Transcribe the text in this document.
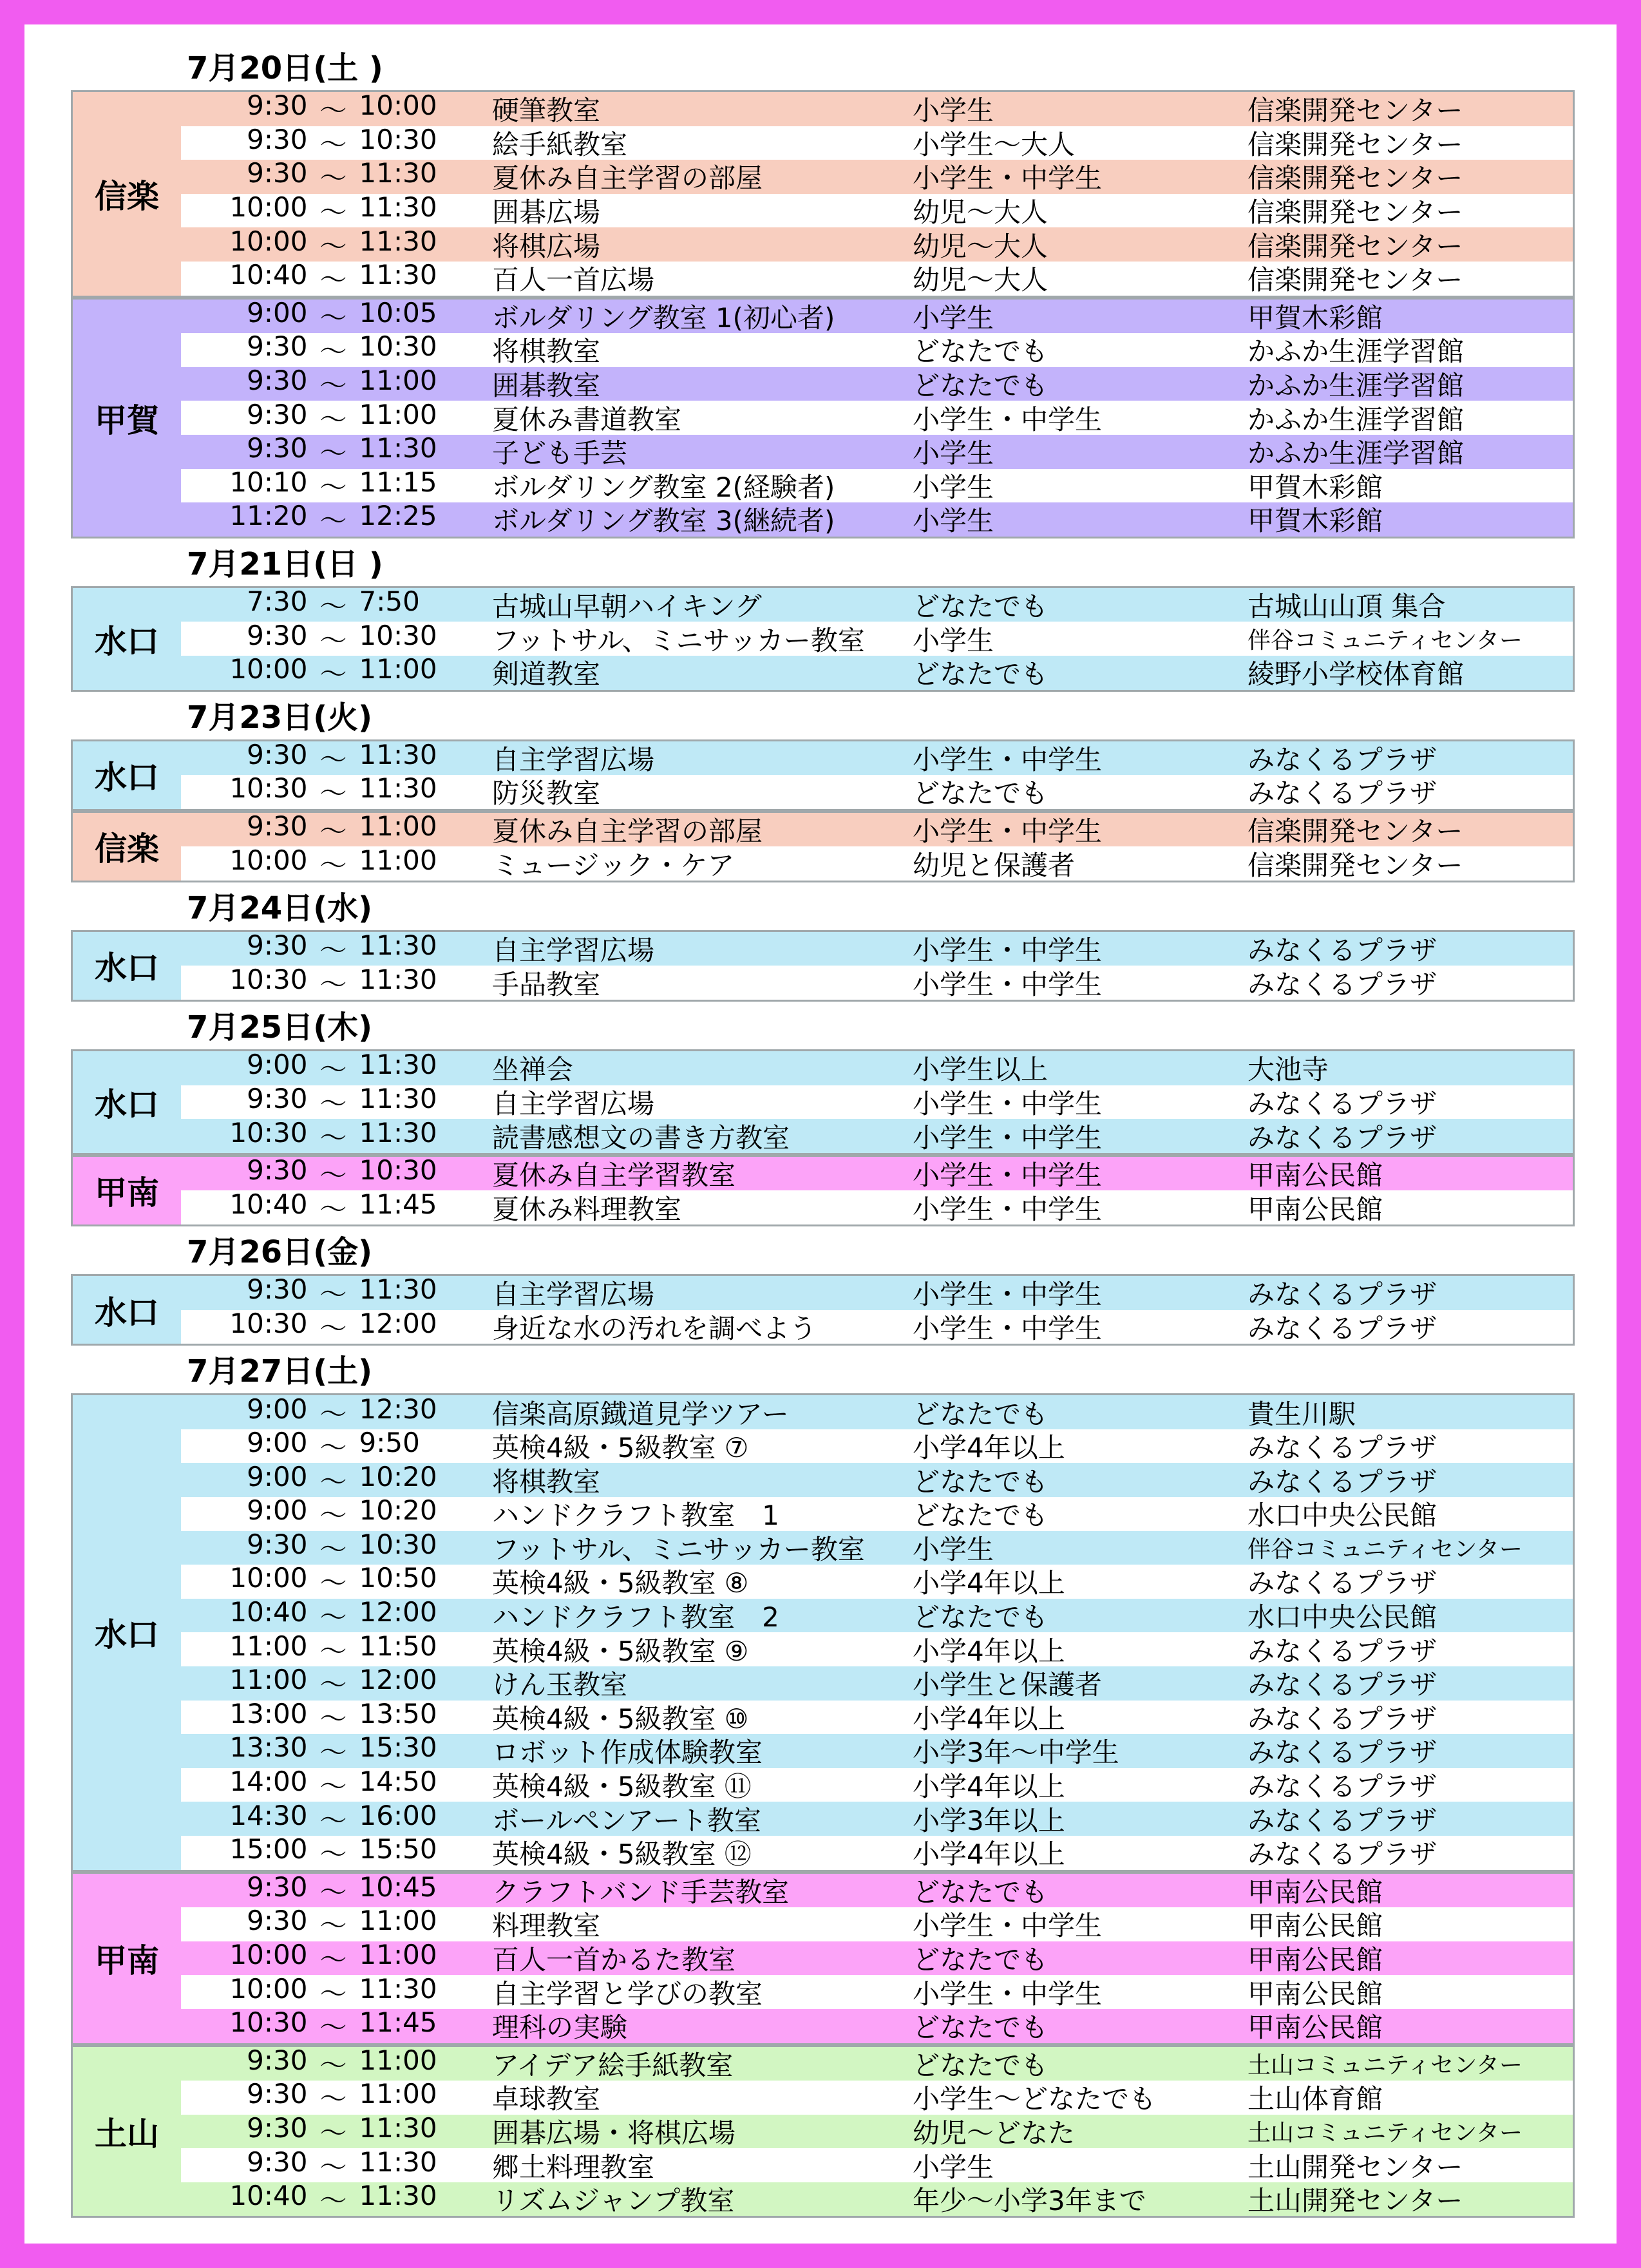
7月20日(土 )
信楽
9:30 ～ 10:00	硬筆教室	小学生	信楽開発センター
9:30 ～ 10:30	絵手紙教室	小学生～大人	信楽開発センター
9:30 ～ 11:30	夏休み自主学習の部屋	小学生・中学生	信楽開発センター
10:00 ～ 11:30	囲碁広場	幼児～大人	信楽開発センター
10:00 ～ 11:30	将棋広場	幼児～大人	信楽開発センター
10:40 ～ 11:30	百人一首広場	幼児～大人	信楽開発センター
甲賀
9:00 ～ 10:05	ボルダリング教室 1(初心者)	小学生	甲賀木彩館
9:30 ～ 10:30	将棋教室	どなたでも	かふか生涯学習館
9:30 ～ 11:00	囲碁教室	どなたでも	かふか生涯学習館
9:30 ～ 11:00	夏休み書道教室	小学生・中学生	かふか生涯学習館
9:30 ～ 11:30	子ども手芸	小学生	かふか生涯学習館
10:10 ～ 11:15	ボルダリング教室 2(経験者)	小学生	甲賀木彩館
11:20 ～ 12:25	ボルダリング教室 3(継続者)	小学生	甲賀木彩館
7月21日(日 )
水口
7:30 ～ 7:50	古城山早朝ハイキング	どなたでも	古城山山頂 集合
9:30 ～ 10:30	フットサル、ミニサッカー教室	小学生	伴谷コミュニティセンター
10:00 ～ 11:00	剣道教室	どなたでも	綾野小学校体育館
7月23日(火)
水口
9:30 ～ 11:30	自主学習広場	小学生・中学生	みなくるプラザ
10:30 ～ 11:30	防災教室	どなたでも	みなくるプラザ
信楽
9:30 ～ 11:00	夏休み自主学習の部屋	小学生・中学生	信楽開発センター
10:00 ～ 11:00	ミュージック・ケア	幼児と保護者	信楽開発センター
7月24日(水)
水口
9:30 ～ 11:30	自主学習広場	小学生・中学生	みなくるプラザ
10:30 ～ 11:30	手品教室	小学生・中学生	みなくるプラザ
7月25日(木)
水口
9:00 ～ 11:30	坐禅会	小学生以上	大池寺
9:30 ～ 11:30	自主学習広場	小学生・中学生	みなくるプラザ
10:30 ～ 11:30	読書感想文の書き方教室	小学生・中学生	みなくるプラザ
甲南
9:30 ～ 10:30	夏休み自主学習教室	小学生・中学生	甲南公民館
10:40 ～ 11:45	夏休み料理教室	小学生・中学生	甲南公民館
7月26日(金)
水口
9:30 ～ 11:30	自主学習広場	小学生・中学生	みなくるプラザ
10:30 ～ 12:00	身近な水の汚れを調べよう	小学生・中学生	みなくるプラザ
7月27日(土)
水口
9:00 ～ 12:30	信楽高原鐡道見学ツアー	どなたでも	貴生川駅
9:00 ～ 9:50	英検4級・5級教室 ⑦	小学4年以上	みなくるプラザ
9:00 ～ 10:20	将棋教室	どなたでも	みなくるプラザ
9:00 ～ 10:20	ハンドクラフト教室　1	どなたでも	水口中央公民館
9:30 ～ 10:30	フットサル、ミニサッカー教室	小学生	伴谷コミュニティセンター
10:00 ～ 10:50	英検4級・5級教室 ⑧	小学4年以上	みなくるプラザ
10:40 ～ 12:00	ハンドクラフト教室　2	どなたでも	水口中央公民館
11:00 ～ 11:50	英検4級・5級教室 ⑨	小学4年以上	みなくるプラザ
11:00 ～ 12:00	けん玉教室	小学生と保護者	みなくるプラザ
13:00 ～ 13:50	英検4級・5級教室 ⑩	小学4年以上	みなくるプラザ
13:30 ～ 15:30	ロボット作成体験教室	小学3年～中学生	みなくるプラザ
14:00 ～ 14:50	英検4級・5級教室 ⑪	小学4年以上	みなくるプラザ
14:30 ～ 16:00	ボールペンアート教室	小学3年以上	みなくるプラザ
15:00 ～ 15:50	英検4級・5級教室 ⑫	小学4年以上	みなくるプラザ
甲南
9:30 ～ 10:45	クラフトバンド手芸教室	どなたでも	甲南公民館
9:30 ～ 11:00	料理教室	小学生・中学生	甲南公民館
10:00 ～ 11:00	百人一首かるた教室	どなたでも	甲南公民館
10:00 ～ 11:30	自主学習と学びの教室	小学生・中学生	甲南公民館
10:30 ～ 11:45	理科の実験	どなたでも	甲南公民館
土山
9:30 ～ 11:00	アイデア絵手紙教室	どなたでも	土山コミュニティセンター
9:30 ～ 11:00	卓球教室	小学生～どなたでも	土山体育館
9:30 ～ 11:30	囲碁広場・将棋広場	幼児～どなた	土山コミュニティセンター
9:30 ～ 11:30	郷土料理教室	小学生	土山開発センター
10:40 ～ 11:30	リズムジャンプ教室	年少～小学3年まで	土山開発センター
